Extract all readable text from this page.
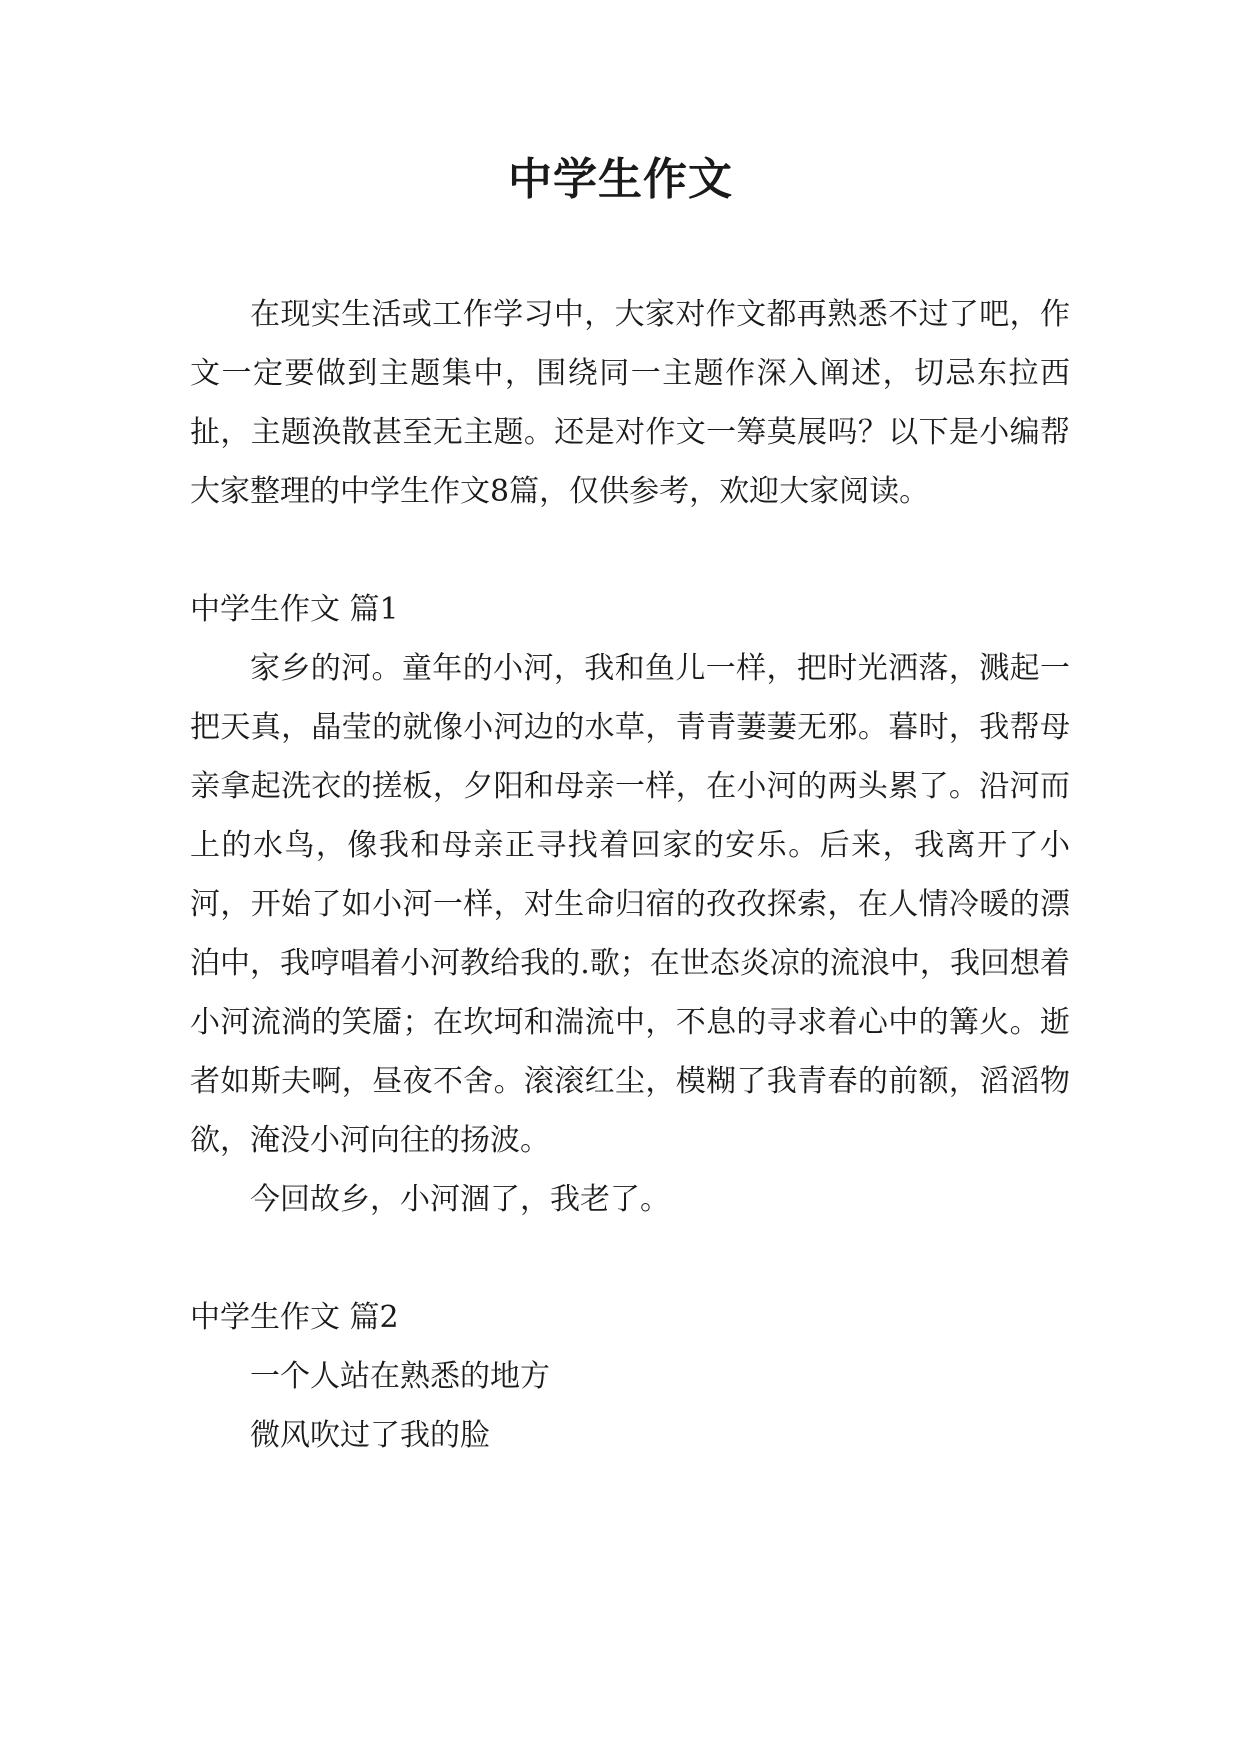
中学生作文

在现实生活或工作学习中，大家对作文都再熟悉不过了吧，作文一定要做到主题集中，围绕同一主题作深入阐述，切忌东拉西扯，主题涣散甚至无主题。还是对作文一筹莫展吗？以下是小编帮大家整理的中学生作文8篇，仅供参考，欢迎大家阅读。

中学生作文 篇1

家乡的河。童年的小河，我和鱼儿一样，把时光洒落，溅起一把天真，晶莹的就像小河边的水草，青青萋萋无邪。暮时，我帮母亲拿起洗衣的搓板，夕阳和母亲一样，在小河的两头累了。沿河而上的水鸟，像我和母亲正寻找着回家的安乐。后来，我离开了小河，开始了如小河一样，对生命归宿的孜孜探索，在人情冷暖的漂泊中，我哼唱着小河教给我的.歌；在世态炎凉的流浪中，我回想着小河流淌的笑靥；在坎坷和湍流中，不息的寻求着心中的篝火。逝者如斯夫啊，昼夜不舍。滚滚红尘，模糊了我青春的前额，滔滔物欲，淹没小河向往的扬波。

今回故乡，小河涸了，我老了。

中学生作文 篇2

一个人站在熟悉的地方

微风吹过了我的脸
